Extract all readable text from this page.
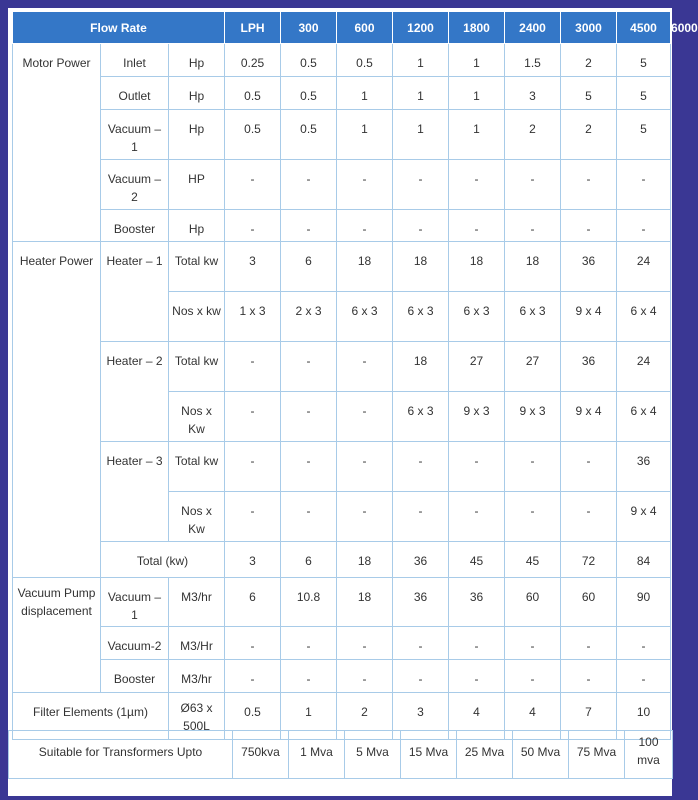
Flow Rate			LPH	300	600	1200	1800	2400	3000	4500	6000
Motor Power	Inlet	Hp	0.25	0.5	0.5	1	1	1.5	2	5	
	Outlet	Hp	0.5	0.5	1	1	1	3	5	5	
	Vacuum – 1	Hp	0.5	0.5	1	1	1	2	2	5	
	Vacuum – 2	HP	-	-	-	-	-	-	-	-	
	Booster	Hp	-	-	-	-	-	-	-	-	
Heater Power	Heater – 1	Total kw	3	6	18	18	18	18	36	24	
		Nos x kw	1 x 3	2 x 3	6 x 3	6 x 3	6 x 3	6 x 3	9 x 4	6 x 4	
	Heater – 2	Total kw	-	-	-	18	27	27	36	24	
		Nos x Kw	-	-	-	6 x 3	9 x 3	9 x 3	9 x 4	6 x 4	
	Heater – 3	Total kw	-	-	-	-	-	-	-	36	
		Nos x Kw	-	-	-	-	-	-	-	9 x 4	
	Total (kw)		3	6	18	36	45	45	72	84	
Vacuum Pump displacement	Vacuum – 1	M3/hr	6	10.8	18	36	36	60	60	90	
	Vacuum-2	M3/Hr	-	-	-	-	-	-	-	-	
	Booster	M3/hr	-	-	-	-	-	-	-	-	
Filter Elements (1µm)		Ø63 x 500L	0.5	1	2	3	4	4	7	10	
Suitable for Transformers Upto	750kva	1 Mva	5 Mva	15 Mva	25 Mva	50 Mva	75 Mva	100 mva
